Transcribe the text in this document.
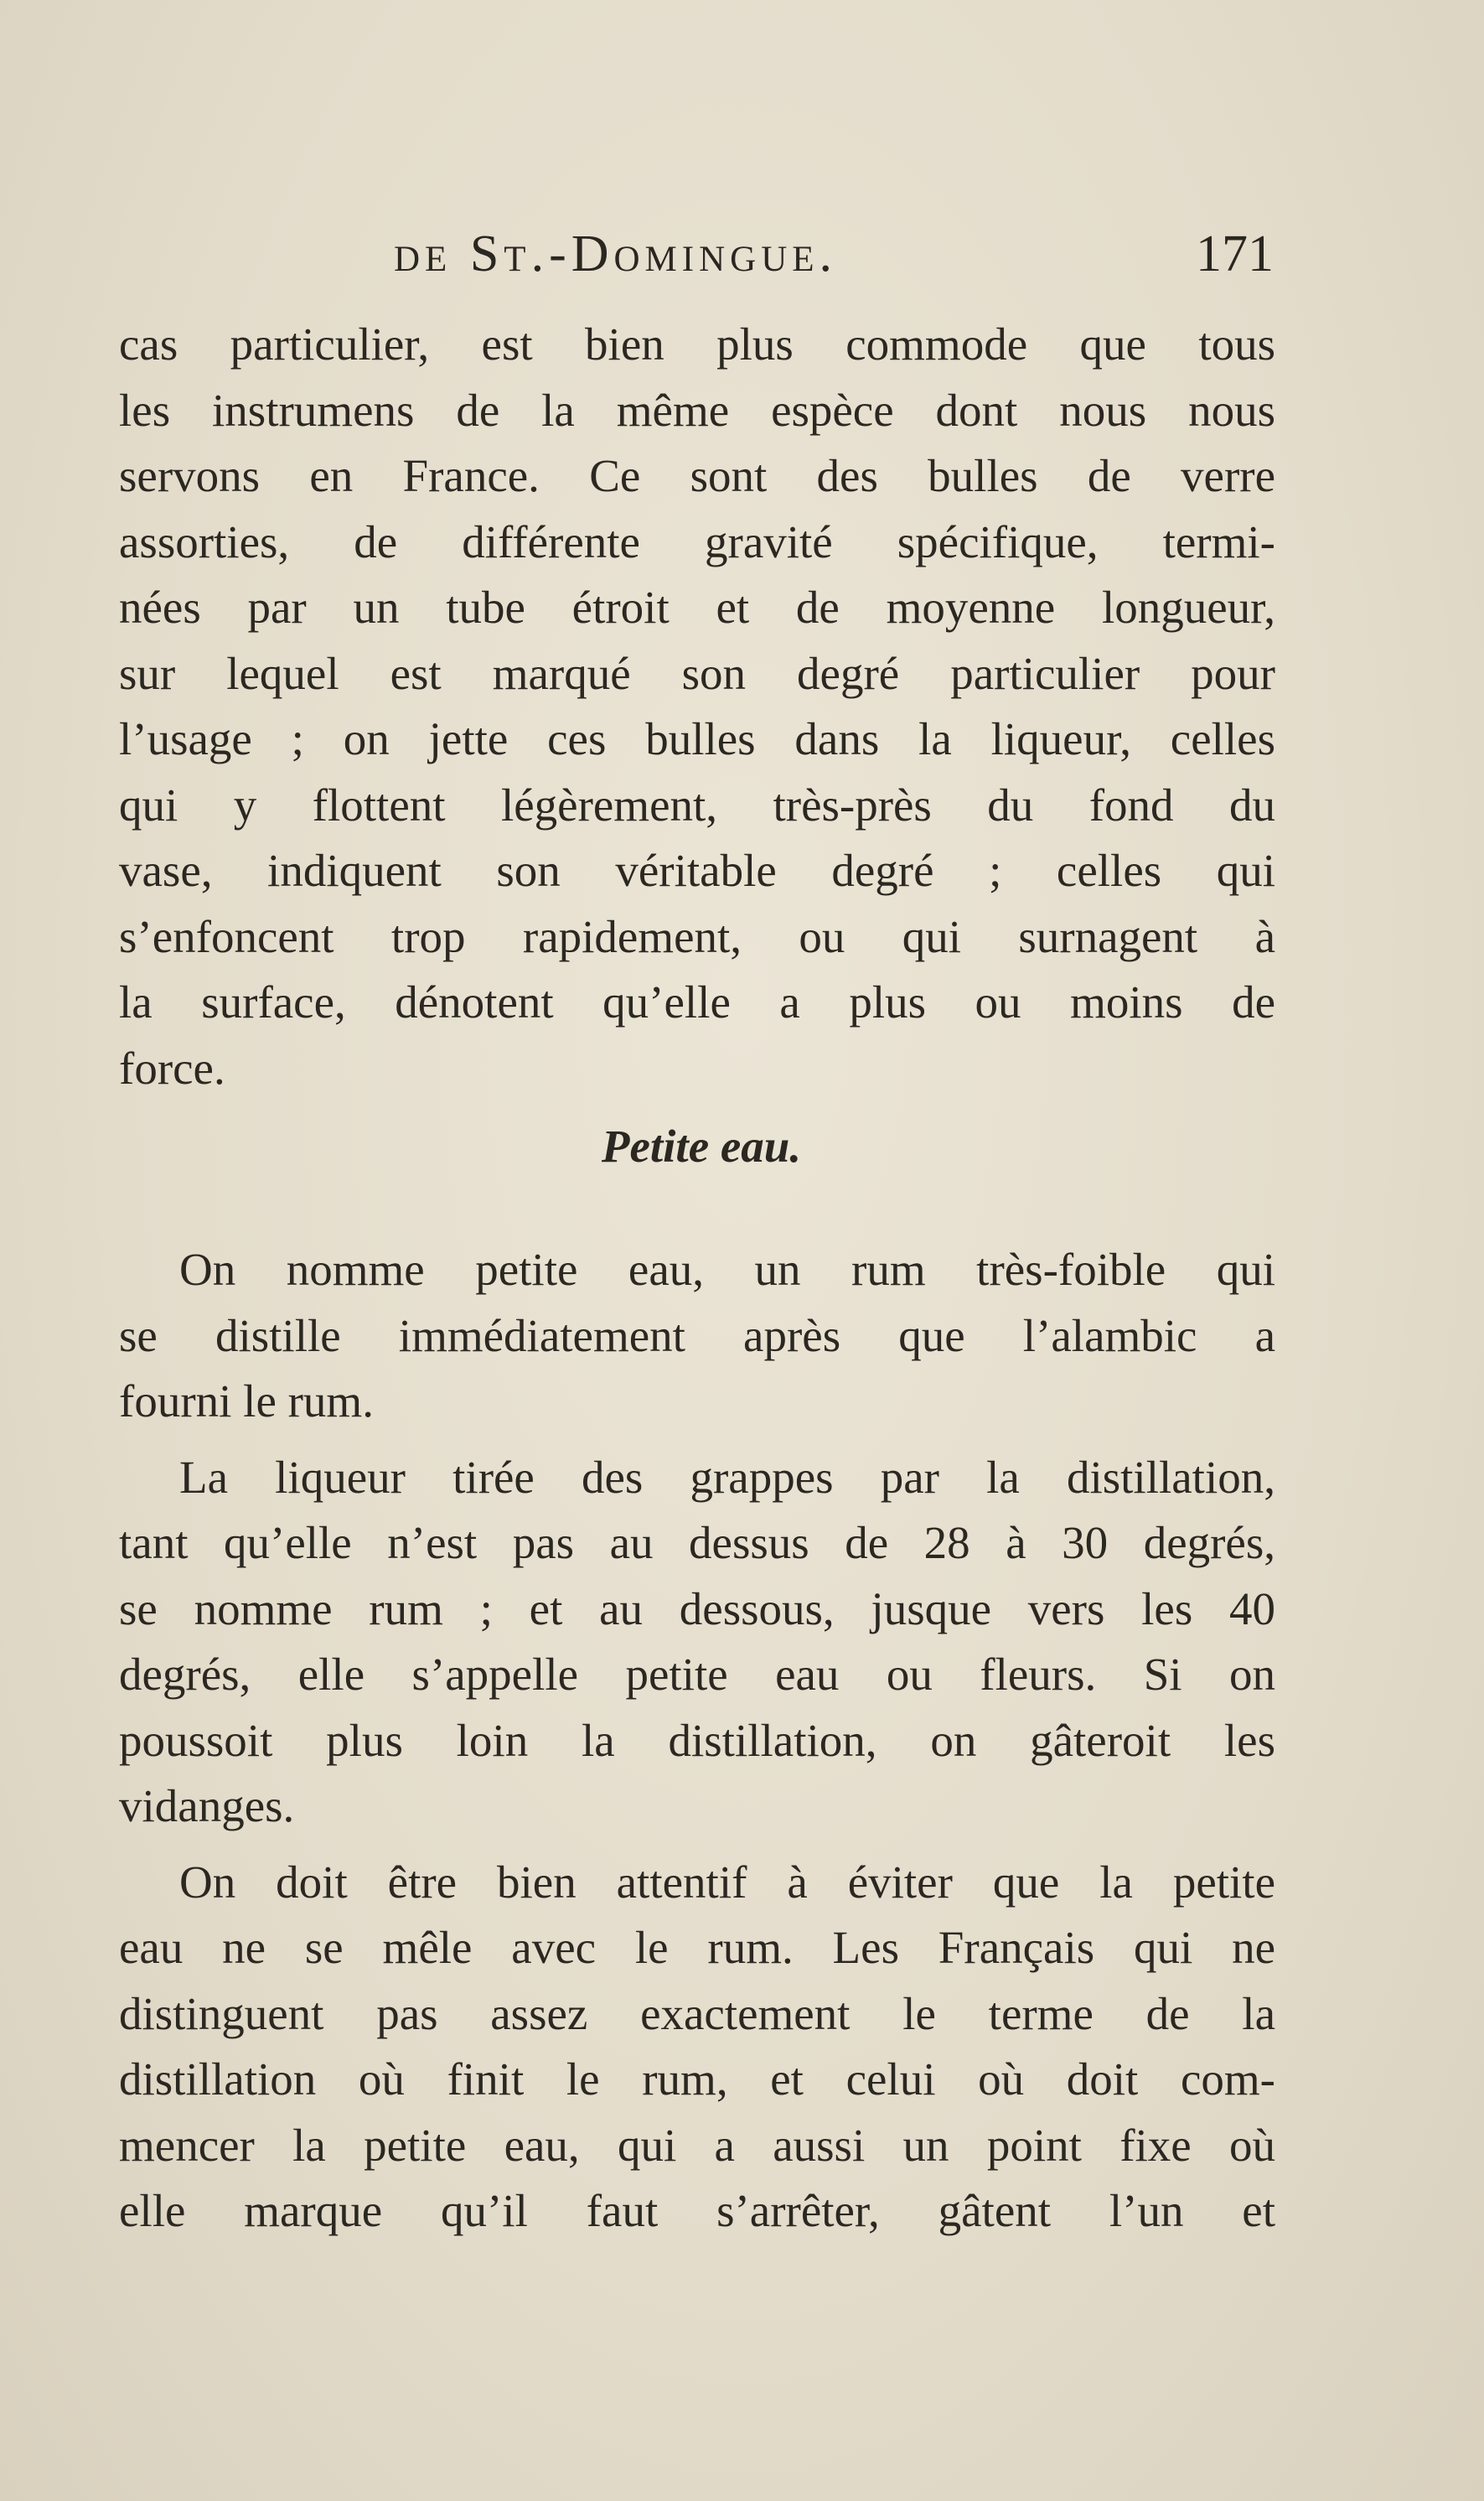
de St.-Domingue.	171
cas particulier, est bien plus commode que tous
les instrumens de la même espèce dont nous nous
servons en France. Ce sont des bulles de verre
assorties, de différente gravité spécifique, termi-
nées par un tube étroit et de moyenne longueur,
sur lequel est marqué son degré particulier pour
l’usage ; on jette ces bulles dans la liqueur, celles
qui y flottent légèrement, très-près du fond du
vase, indiquent son véritable degré ; celles qui
s’enfoncent trop rapidement, ou qui surnagent à
la surface, dénotent qu’elle a plus ou moins de
force.
Petite eau.
On nomme petite eau, un rum très-foible qui
se distille immédiatement après que l’alambic a
fourni le rum.
La liqueur tirée des grappes par la distillation,
tant qu’elle n’est pas au dessus de 28 à 30 degrés,
se nomme rum ; et au dessous, jusque vers les 40
degrés, elle s’appelle petite eau ou fleurs. Si on
poussoit plus loin la distillation, on gâteroit les
vidanges.
On doit être bien attentif à éviter que la petite
eau ne se mêle avec le rum. Les Français qui ne
distinguent pas assez exactement le terme de la
distillation où finit le rum, et celui où doit com-
mencer la petite eau, qui a aussi un point fixe où
elle marque qu’il faut s’arrêter, gâtent l’un et
